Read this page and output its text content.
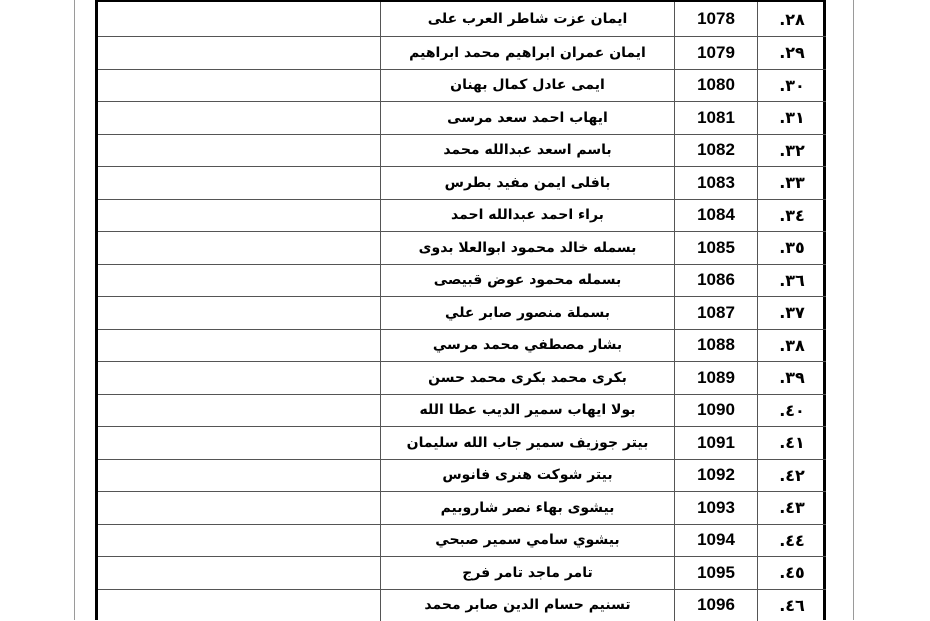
	ايمان عزت شاطر العرب على	1078	٢٨.
	ايمان عمران ابراهيم محمد ابراهيم	1079	٢٩.
	ايمى عادل كمال بهنان	1080	٣٠.
	ايهاب احمد سعد مرسى	1081	٣١.
	باسم اسعد عبدالله محمد	1082	٣٢.
	بافلى ايمن مفيد بطرس	1083	٣٣.
	براء احمد عبدالله احمد	1084	٣٤.
	بسمله خالد محمود ابوالعلا بدوى	1085	٣٥.
	بسمله محمود عوض قبيصى	1086	٣٦.
	بسملة منصور صابر علي	1087	٣٧.
	بشار مصطفي محمد مرسي	1088	٣٨.
	بكرى محمد بكرى محمد حسن	1089	٣٩.
	بولا ايهاب سمير الديب عطا الله	1090	٤٠.
	بيتر جوزيف سمير جاب الله سليمان	1091	٤١.
	بيتر شوكت هنرى فانوس	1092	٤٢.
	بيشوى بهاء نصر شاروبيم	1093	٤٣.
	بيشوي سامي سمير صبحي	1094	٤٤.
	تامر ماجد تامر فرج	1095	٤٥.
	تسنيم حسام الدين صابر محمد	1096	٤٦.
